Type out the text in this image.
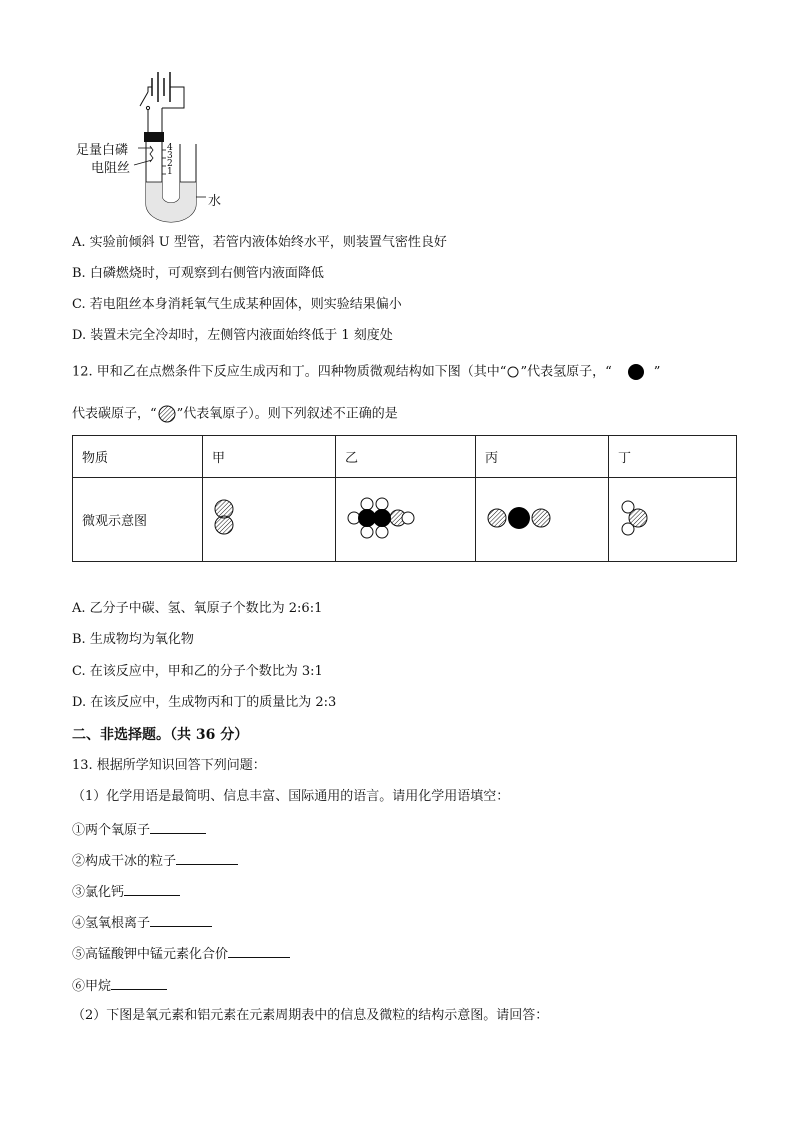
足量白磷
电阻丝
水
4
3
2
1
A. 实验前倾斜 U 型管，若管内液体始终水平，则装置气密性良好
B. 白磷燃烧时，可观察到右侧管内液面降低
C. 若电阻丝本身消耗氧气生成某种固体，则实验结果偏小
D. 装置未完全冷却时，左侧管内液面始终低于 1 刻度处
12. 甲和乙在点燃条件下反应生成丙和丁。四种物质微观结构如下图（其中“ ”代表氢原子，“	”
代表碳原子，“ ”代表氧原子）。则下列叙述不正确的是
物质	甲	乙	丙	丁
微观示意图				
A. 乙分子中碳、氢、氧原子个数比为 2:6:1
B. 生成物均为氧化物
C. 在该反应中，甲和乙的分子个数比为 3:1
D. 在该反应中，生成物丙和丁的质量比为 2:3
二、非选择题。（共 36 分）
13. 根据所学知识回答下列问题：
（1）化学用语是最简明、信息丰富、国际通用的语言。请用化学用语填空：
①两个氧原子
②构成干冰的粒子
③氯化钙
④氢氧根离子
⑤高锰酸钾中锰元素化合价
⑥甲烷
（2）下图是氧元素和铝元素在元素周期表中的信息及微粒的结构示意图。请回答：
